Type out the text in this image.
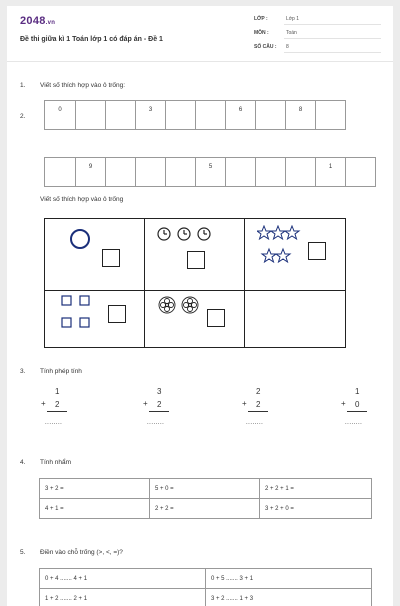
2048.vn
Đề thi giữa kì 1 Toán lớp 1 có đáp án - Đề 1
LỚP :	Lớp 1
MÔN :	Toán
SỐ CÂU :	8
1. Viết số thích hợp vào ô trống:
2.
0	3	6	8
9	5	1
Viết số thích hợp vào ô trống
3. Tính phép tính
+
1
2
........
+
3
2
........
+
2
2
........
+
1
0
........
4. Tính nhẩm
3 + 2 =	5 + 0 =	2 + 2 + 1 =
4 + 1 =	2 + 2 =	3 + 2 + 0 =
5. Điền vào chỗ trống (>, <, =)?
0 + 4 ....... 4 + 1	0 + 5 ....... 3 + 1
1 + 2 ....... 2 + 1	3 + 2 ....... 1 + 3
